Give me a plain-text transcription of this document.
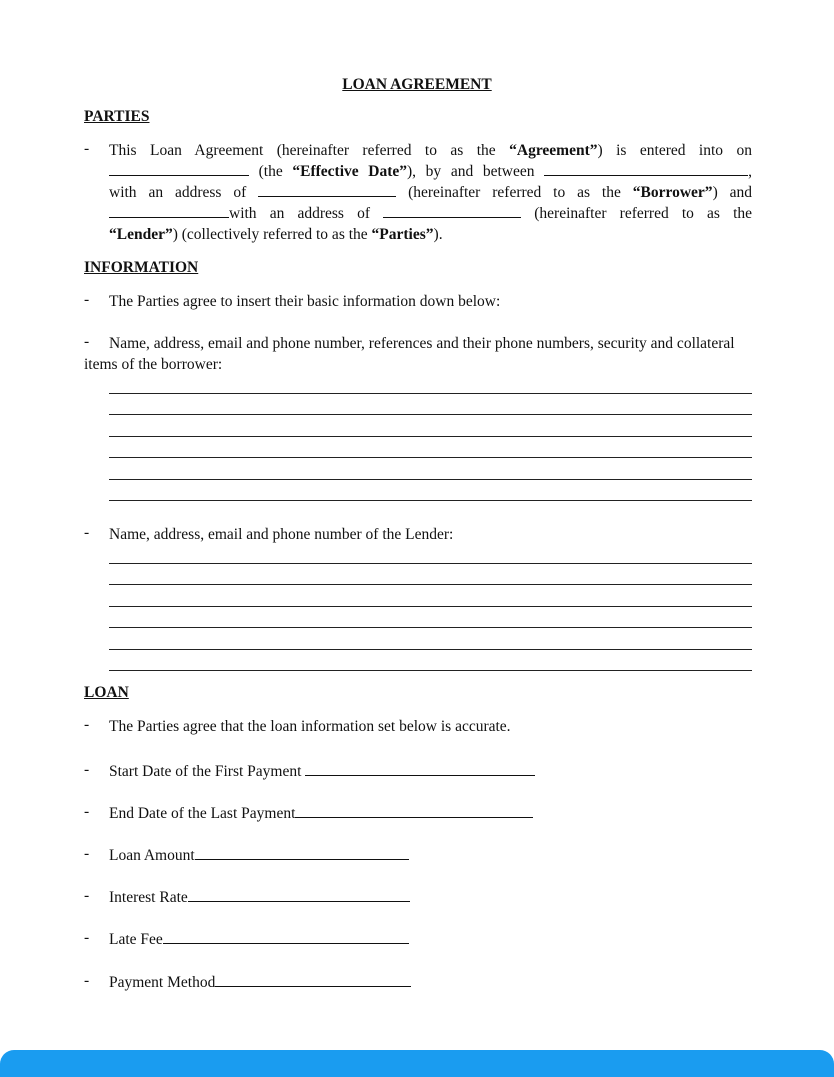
LOAN AGREEMENT
PARTIES
- This Loan Agreement (hereinafter referred to as the “Agreement”) is entered into on
(the “Effective Date”), by and between	,
with an address of	(hereinafter referred to as the “Borrower”) and
with an address of	(hereinafter referred to as the
“Lender”) (collectively referred to as the “Parties”).
INFORMATION
- The Parties agree to insert their basic information down below:
-	Name, address, email and phone number, references and their phone numbers, security and collateral items of the borrower:
- Name, address, email and phone number of the Lender:
LOAN
- The Parties agree that the loan information set below is accurate.
- Start Date of the First Payment
- End Date of the Last Payment
- Loan Amount
- Interest Rate
- Late Fee
- Payment Method
